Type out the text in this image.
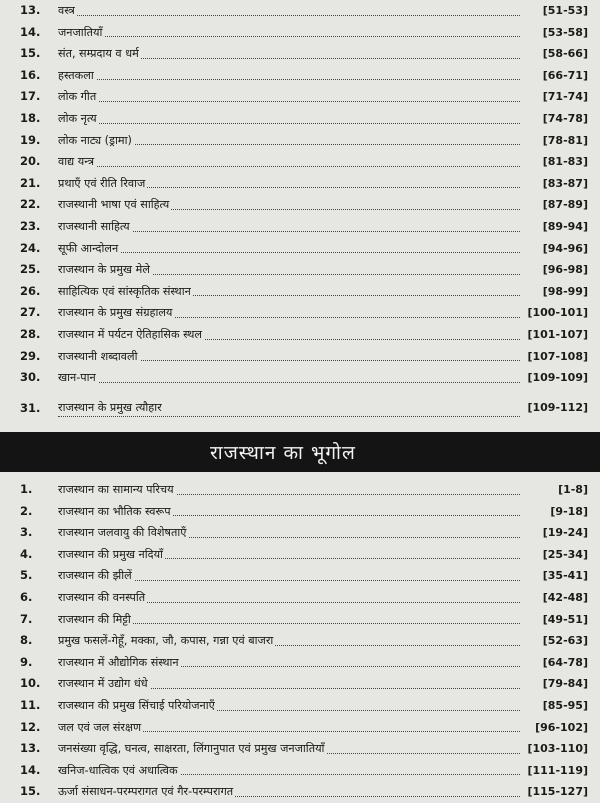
13.	वस्त्र	[51-53]
14.	जनजातियाँ	[53-58]
15.	संत, सम्प्रदाय व धर्म	[58-66]
16.	हस्तकला	[66-71]
17.	लोक गीत	[71-74]
18.	लोक नृत्य	[74-78]
19.	लोक नाट्य (ड्रामा)	[78-81]
20.	वाद्य यन्त्र	[81-83]
21.	प्रथाएँ एवं रीति रिवाज	[83-87]
22.	राजस्थानी भाषा एवं साहित्य	[87-89]
23.	राजस्थानी साहित्य	[89-94]
24.	सूफी आन्दोलन	[94-96]
25.	राजस्थान के प्रमुख मेले	[96-98]
26.	साहित्यिक एवं सांस्कृतिक संस्थान	[98-99]
27.	राजस्थान के प्रमुख संग्रहालय	[100-101]
28.	राजस्थान में पर्यटन ऐतिहासिक स्थल	[101-107]
29.	राजस्थानी शब्दावली	[107-108]
30.	खान-पान	[109-109]
31.	राजस्थान के प्रमुख त्यौहार	[109-112]
राजस्थान का भूगोल
1.	राजस्थान का सामान्य परिचय	[1-8]
2.	राजस्थान का भौतिक स्वरूप	[9-18]
3.	राजस्थान जलवायु की विशेषताएँ	[19-24]
4.	राजस्थान की प्रमुख नदियाँ	[25-34]
5.	राजस्थान की झीलें	[35-41]
6.	राजस्थान की वनस्पति	[42-48]
7.	राजस्थान की मिट्टी	[49-51]
8.	प्रमुख फसलें-गेहूँ, मक्का, जौ, कपास, गन्ना एवं बाजरा	[52-63]
9.	राजस्थान में औद्योगिक संस्थान	[64-78]
10.	राजस्थान में उद्योग धंधे	[79-84]
11.	राजस्थान की प्रमुख सिंचाई परियोजनाएँ	[85-95]
12.	जल एवं जल संरक्षण	[96-102]
13.	जनसंख्या वृद्धि, घनत्व, साक्षरता, लिंगानुपात एवं प्रमुख जनजातियाँ	[103-110]
14.	खनिज-धात्विक एवं अधात्विक	[111-119]
15.	ऊर्जा संसाधन-परम्परागत एवं गैर-परम्परागत	[115-127]
